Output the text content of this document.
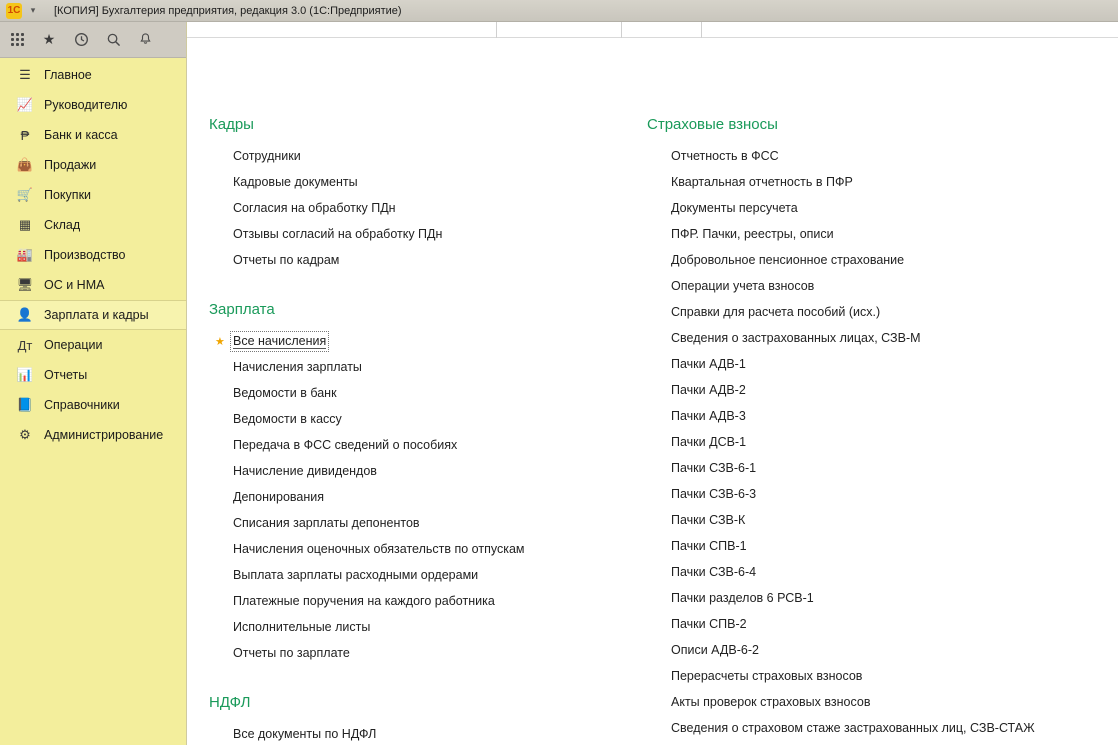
1С	▾	[КОПИЯ] Бухгалтерия предприятия, редакция 3.0 (1С:Предприятие)
★
☰	Главное
📈 Руководителю
₱	Банк и касса
👜 Продажи
🛒 Покупки
▦	Склад
🏭 Производство
🖥 ОС и НМА
👤 Зарплата и кадры
Дт Операции
📊 Отчеты
📘 Справочники
⚙	Администрирование
Кадры
Сотрудники
Кадровые документы
Согласия на обработку ПДн
Отзывы согласий на обработку ПДн
Отчеты по кадрам
Зарплата
★ Все начисления
Начисления зарплаты
Ведомости в банк
Ведомости в кассу
Передача в ФСС сведений о пособиях
Начисление дивидендов
Депонирования
Списания зарплаты депонентов
Начисления оценочных обязательств по отпускам
Выплата зарплаты расходными ордерами
Платежные поручения на каждого работника
Исполнительные листы
Отчеты по зарплате
НДФЛ
Все документы по НДФЛ
Страховые взносы
Отчетность в ФСС
Квартальная отчетность в ПФР
Документы персучета
ПФР. Пачки, реестры, описи
Добровольное пенсионное страхование
Операции учета взносов
Справки для расчета пособий (исх.)
Сведения о застрахованных лицах, СЗВ-М
Пачки АДВ-1
Пачки АДВ-2
Пачки АДВ-3
Пачки ДСВ-1
Пачки СЗВ-6-1
Пачки СЗВ-6-3
Пачки СЗВ-К
Пачки СПВ-1
Пачки СЗВ-6-4
Пачки разделов 6 РСВ-1
Пачки СПВ-2
Описи АДВ-6-2
Перерасчеты страховых взносов
Акты проверок страховых взносов
Сведения о страховом стаже застрахованных лиц, СЗВ-СТАЖ
